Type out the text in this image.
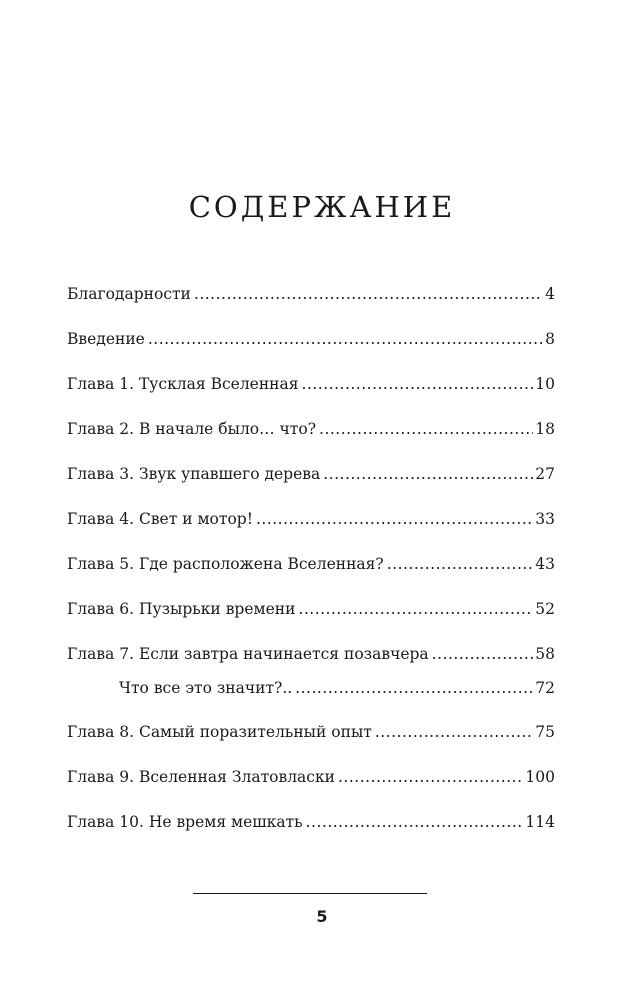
СОДЕРЖАНИЕ
Благодарности .....	4
Введение .....	8
Глава 1. Тусклая Вселенная .....	10
Глава 2. В начале было… что? .....	18
Глава 3. Звук упавшего дерева .....	27
Глава 4. Свет и мотор! .....	33
Глава 5. Где расположена Вселенная? .....	43
Глава 6. Пузырьки времени .....	52
Глава 7. Если завтра начинается позавчера .....	58
Что все это значит?.. .....	72
Глава 8. Самый поразительный опыт .....	75
Глава 9. Вселенная Златовласки .....	100
Глава 10. Не время мешкать .....	114
5
